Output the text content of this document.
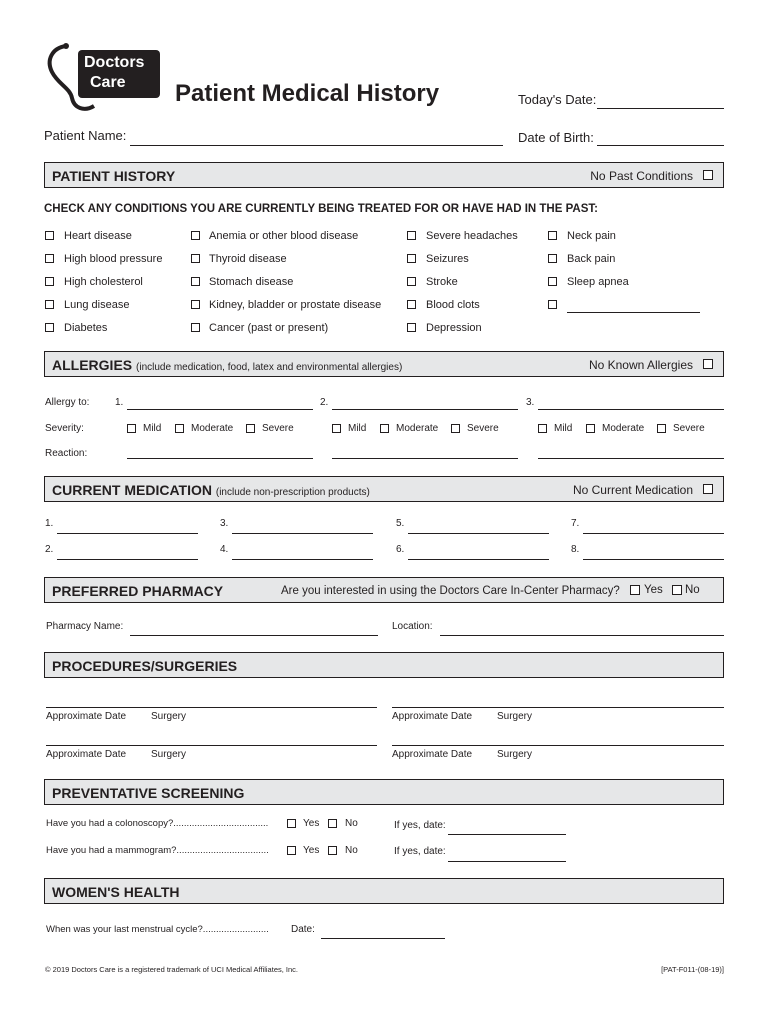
Doctors
Care Patient Medical History	Today's Date:
Patient Name:	Date of Birth:
PATIENT HISTORY	No Past Conditions
CHECK ANY CONDITIONS YOU ARE CURRENTLY BEING TREATED FOR OR HAVE HAD IN THE PAST:
Heart disease
High blood pressure
High cholesterol
Lung disease
Diabetes
Anemia or other blood disease
Thyroid disease
Stomach disease
Kidney, bladder or prostate disease
Cancer (past or present)
Severe headaches
Seizures
Stroke
Blood clots
Depression
Neck pain
Back pain
Sleep apnea
ALLERGIES (include medication, food, latex and environmental allergies)	No Known Allergies
Allergy to:	1.	2.	3.
Severity:	Mild	Moderate	Severe	Mild	Moderate	Severe	Mild	Moderate	Severe
Reaction:
CURRENT MEDICATION (include non-prescription products)	No Current Medication
1.
2.
3.
4.
5.
6.
7.
8.
PREFERRED PHARMACY	Are you interested in using the Doctors Care In-Center Pharmacy? Yes No
Pharmacy Name:	Location:
PROCEDURES/SURGERIES
Approximate Date Surgery	Approximate Date Surgery
Approximate Date Surgery	Approximate Date Surgery
PREVENTATIVE SCREENING
Have you had a colonoscopy?....................................	Yes	No	If yes, date:
Have you had a mammogram?...................................	Yes	No	If yes, date:
WOMEN'S HEALTH
When was your last menstrual cycle?......................... Date:
© 2019 Doctors Care is a registered trademark of UCI Medical Affiliates, Inc.	[PAT-F011-(08-19)]
